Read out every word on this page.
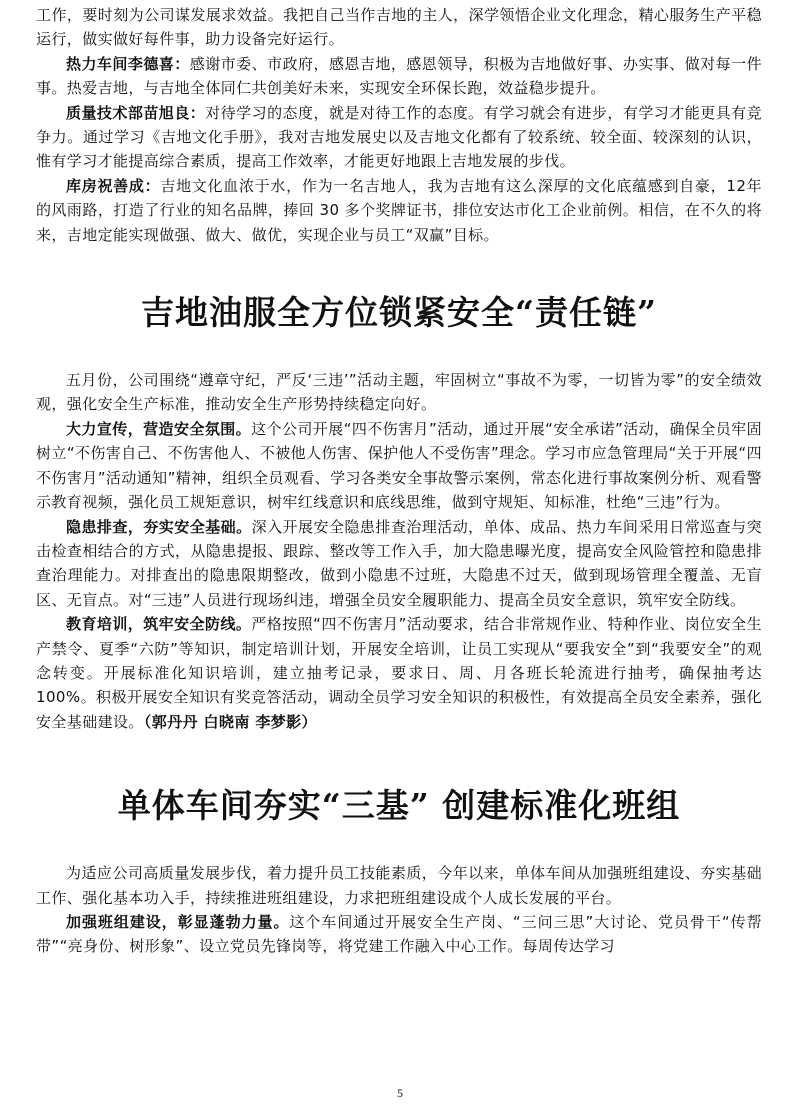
工作，要时刻为公司谋发展求效益。我把自己当作吉地的主人，深学领悟企业文化理念，精心服务生产平稳运行，做实做好每件事，助力设备完好运行。

热力车间李德喜：感谢市委、市政府，感恩吉地，感恩领导，积极为吉地做好事、办实事、做对每一件事。热爱吉地，与吉地全体同仁共创美好未来，实现安全环保长跑，效益稳步提升。

质量技术部苗旭良：对待学习的态度，就是对待工作的态度。有学习就会有进步，有学习才能更具有竞争力。通过学习《吉地文化手册》，我对吉地发展史以及吉地文化都有了较系统、较全面、较深刻的认识，惟有学习才能提高综合素质，提高工作效率，才能更好地跟上吉地发展的步伐。

库房祝善成：吉地文化血浓于水，作为一名吉地人，我为吉地有这么深厚的文化底蕴感到自豪，12年的风雨路，打造了行业的知名品牌，捧回 30 多个奖牌证书，排位安达市化工企业前例。相信，在不久的将来，吉地定能实现做强、做大、做优，实现企业与员工“双赢”目标。

吉地油服全方位锁紧安全“责任链”

五月份，公司围绕“遵章守纪，严反‘三违’”活动主题，牢固树立“事故不为零，一切皆为零”的安全绩效观，强化安全生产标准，推动安全生产形势持续稳定向好。

大力宣传，营造安全氛围。这个公司开展“四不伤害月”活动，通过开展“安全承诺”活动，确保全员牢固树立“不伤害自己、不伤害他人、不被他人伤害、保护他人不受伤害”理念。学习市应急管理局“关于开展“四不伤害月”活动通知”精神，组织全员观看、学习各类安全事故警示案例，常态化进行事故案例分析、观看警示教育视频，强化员工规矩意识，树牢红线意识和底线思维，做到守规矩、知标准，杜绝“三违”行为。

隐患排查，夯实安全基础。深入开展安全隐患排查治理活动，单体、成品、热力车间采用日常巡查与突击检查相结合的方式，从隐患提报、跟踪、整改等工作入手，加大隐患曝光度，提高安全风险管控和隐患排查治理能力。对排查出的隐患限期整改，做到小隐患不过班，大隐患不过天，做到现场管理全覆盖、无盲区、无盲点。对“三违”人员进行现场纠违，增强全员安全履职能力、提高全员安全意识，筑牢安全防线。

教育培训，筑牢安全防线。严格按照“四不伤害月”活动要求，结合非常规作业、特种作业、岗位安全生产禁令、夏季“六防”等知识，制定培训计划，开展安全培训，让员工实现从“要我安全”到“我要安全”的观念转变。开展标准化知识培训，建立抽考记录，要求日、周、月各班长轮流进行抽考，确保抽考达 100%。积极开展安全知识有奖竞答活动，调动全员学习安全知识的积极性，有效提高全员安全素养，强化安全基础建设。（郭丹丹 白晓南 李梦影）

单体车间夯实“三基” 创建标准化班组

为适应公司高质量发展步伐，着力提升员工技能素质，今年以来，单体车间从加强班组建设、夯实基础工作、强化基本功入手，持续推进班组建设，力求把班组建设成个人成长发展的平台。

加强班组建设，彰显蓬勃力量。这个车间通过开展安全生产岗、“三问三思”大讨论、党员骨干“传帮带”“亮身份、树形象”、设立党员先锋岗等，将党建工作融入中心工作。每周传达学习

5
